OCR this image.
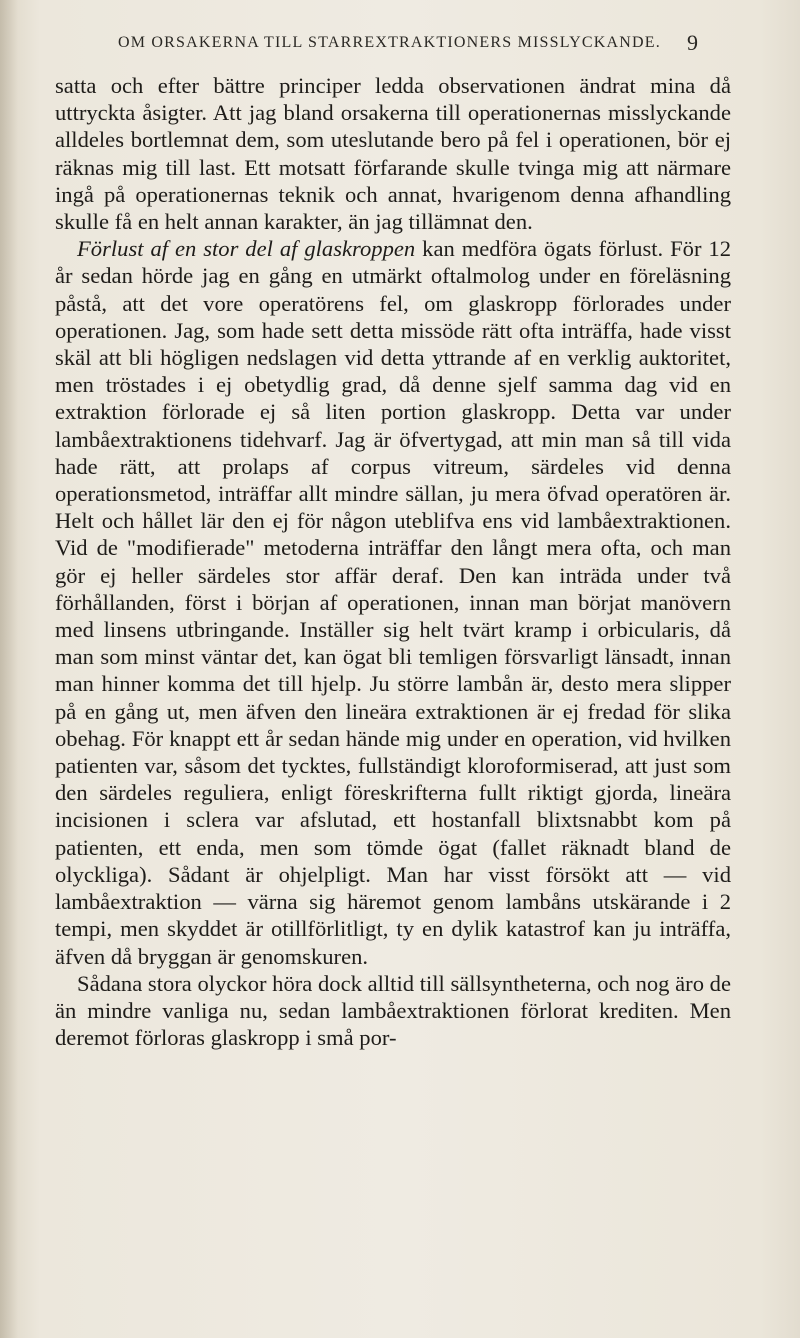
OM ORSAKERNA TILL STARREXTRAKTIONERS MISSLYCKANDE. 9

satta och efter bättre principer ledda observationen ändrat mina då uttryckta åsigter. Att jag bland orsakerna till operationernas misslyckande alldeles bortlemnat dem, som uteslutande bero på fel i operationen, bör ej räknas mig till last. Ett motsatt förfarande skulle tvinga mig att närmare ingå på operationernas teknik och annat, hvarigenom denna afhandling skulle få en helt annan karakter, än jag tillämnat den.

Förlust af en stor del af glaskroppen kan medföra ögats förlust. För 12 år sedan hörde jag en gång en utmärkt oftalmolog under en föreläsning påstå, att det vore operatörens fel, om glaskropp förlorades under operationen. Jag, som hade sett detta missöde rätt ofta inträffa, hade visst skäl att bli högligen nedslagen vid detta yttrande af en verklig auktoritet, men tröstades i ej obetydlig grad, då denne sjelf samma dag vid en extraktion förlorade ej så liten portion glaskropp. Detta var under lambåextraktionens tidehvarf. Jag är öfvertygad, att min man så till vida hade rätt, att prolaps af corpus vitreum, särdeles vid denna operationsmetod, inträffar allt mindre sällan, ju mera öfvad operatören är. Helt och hållet lär den ej för någon uteblifva ens vid lambåextraktionen. Vid de "modifierade" metoderna inträffar den långt mera ofta, och man gör ej heller särdeles stor affär deraf. Den kan inträda under två förhållanden, först i början af operationen, innan man börjat manövern med linsens utbringande. Inställer sig helt tvärt kramp i orbicularis, då man som minst väntar det, kan ögat bli temligen försvarligt länsadt, innan man hinner komma det till hjelp. Ju större lambån är, desto mera slipper på en gång ut, men äfven den lineära extraktionen är ej fredad för slika obehag. För knappt ett år sedan hände mig under en operation, vid hvilken patienten var, såsom det tycktes, fullständigt kloroformiserad, att just som den särdeles reguliera, enligt föreskrifterna fullt riktigt gjorda, lineära incisionen i sclera var afslutad, ett hostanfall blixtsnabbt kom på patienten, ett enda, men som tömde ögat (fallet räknadt bland de olyckliga). Sådant är ohjelpligt. Man har visst försökt att — vid lambåextraktion — värna sig häremot genom lambåns utskärande i 2 tempi, men skyddet är otillförlitligt, ty en dylik katastrof kan ju inträffa, äfven då bryggan är genomskuren.

Sådana stora olyckor höra dock alltid till sällsyntheterna, och nog äro de än mindre vanliga nu, sedan lambåextraktionen förlorat krediten. Men deremot förloras glaskropp i små por-
